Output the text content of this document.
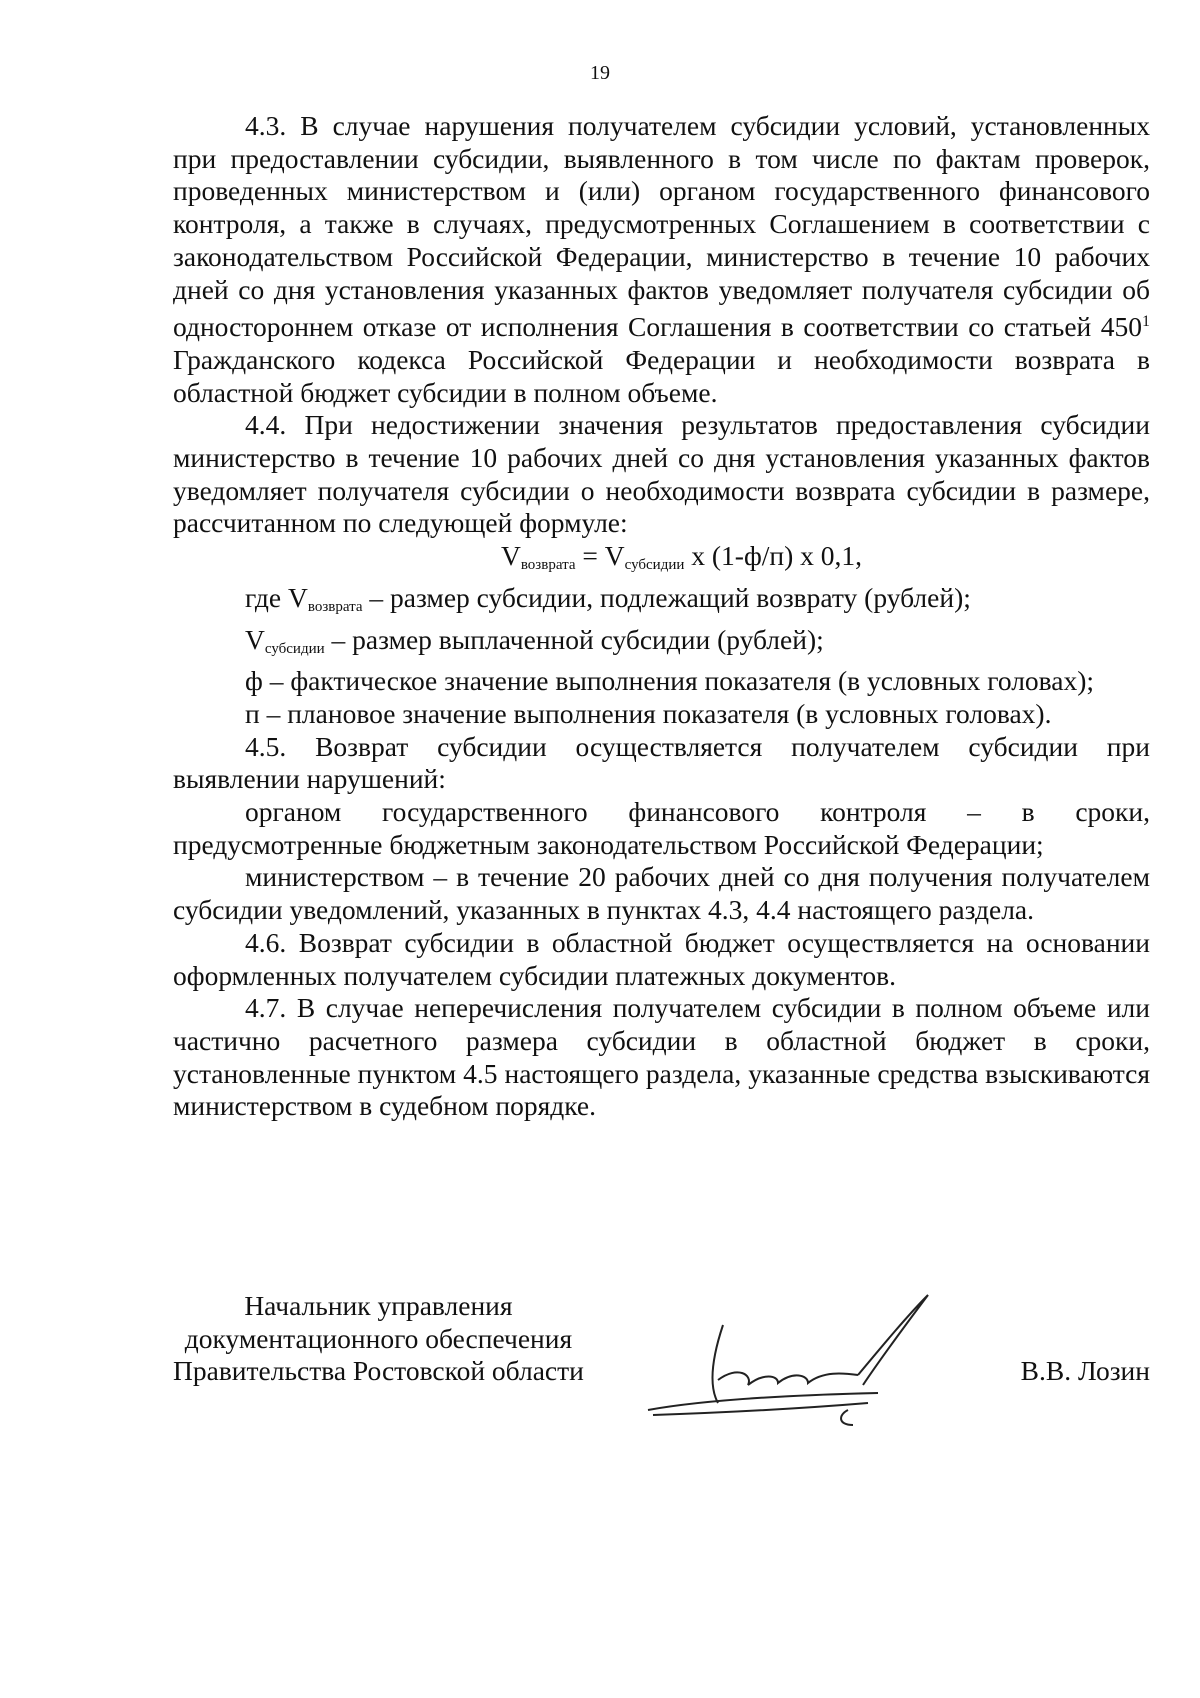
19

4.3. В случае нарушения получателем субсидии условий, установленных при предоставлении субсидии, выявленного в том числе по фактам проверок, проведенных министерством и (или) органом государственного финансового контроля, а также в случаях, предусмотренных Соглашением в соответствии с законодательством Российской Федерации, министерство в течение 10 рабочих дней со дня установления указанных фактов уведомляет получателя субсидии об одностороннем отказе от исполнения Соглашения в соответствии со статьей $450^1$ Гражданского кодекса Российской Федерации и необходимости возврата в областной бюджет субсидии в полном объеме.

4.4. При недостижении значения результатов предоставления субсидии министерство в течение 10 рабочих дней со дня установления указанных фактов уведомляет получателя субсидии о необходимости возврата субсидии в размере, рассчитанном по следующей формуле:

$V_{возврата} = V_{субсидии}$ х (1-ф/п) х 0,1,

где $V_{возврата}$ – размер субсидии, подлежащий возврату (рублей);

$V_{субсидии}$ – размер выплаченной субсидии (рублей);

ф – фактическое значение выполнения показателя (в условных головах);

п – плановое значение выполнения показателя (в условных головах).

4.5. Возврат субсидии осуществляется получателем субсидии при выявлении нарушений:

органом государственного финансового контроля – в сроки, предусмотренные бюджетным законодательством Российской Федерации;

министерством – в течение 20 рабочих дней со дня получения получателем субсидии уведомлений, указанных в пунктах 4.3, 4.4 настоящего раздела.

4.6. Возврат субсидии в областной бюджет осуществляется на основании оформленных получателем субсидии платежных документов.

4.7. В случае неперечисления получателем субсидии в полном объеме или частично расчетного размера субсидии в областной бюджет в сроки, установленные пунктом 4.5 настоящего раздела, указанные средства взыскиваются министерством в судебном порядке.

Начальник управления
документационного обеспечения
Правительства Ростовской области	В.В. Лозин
